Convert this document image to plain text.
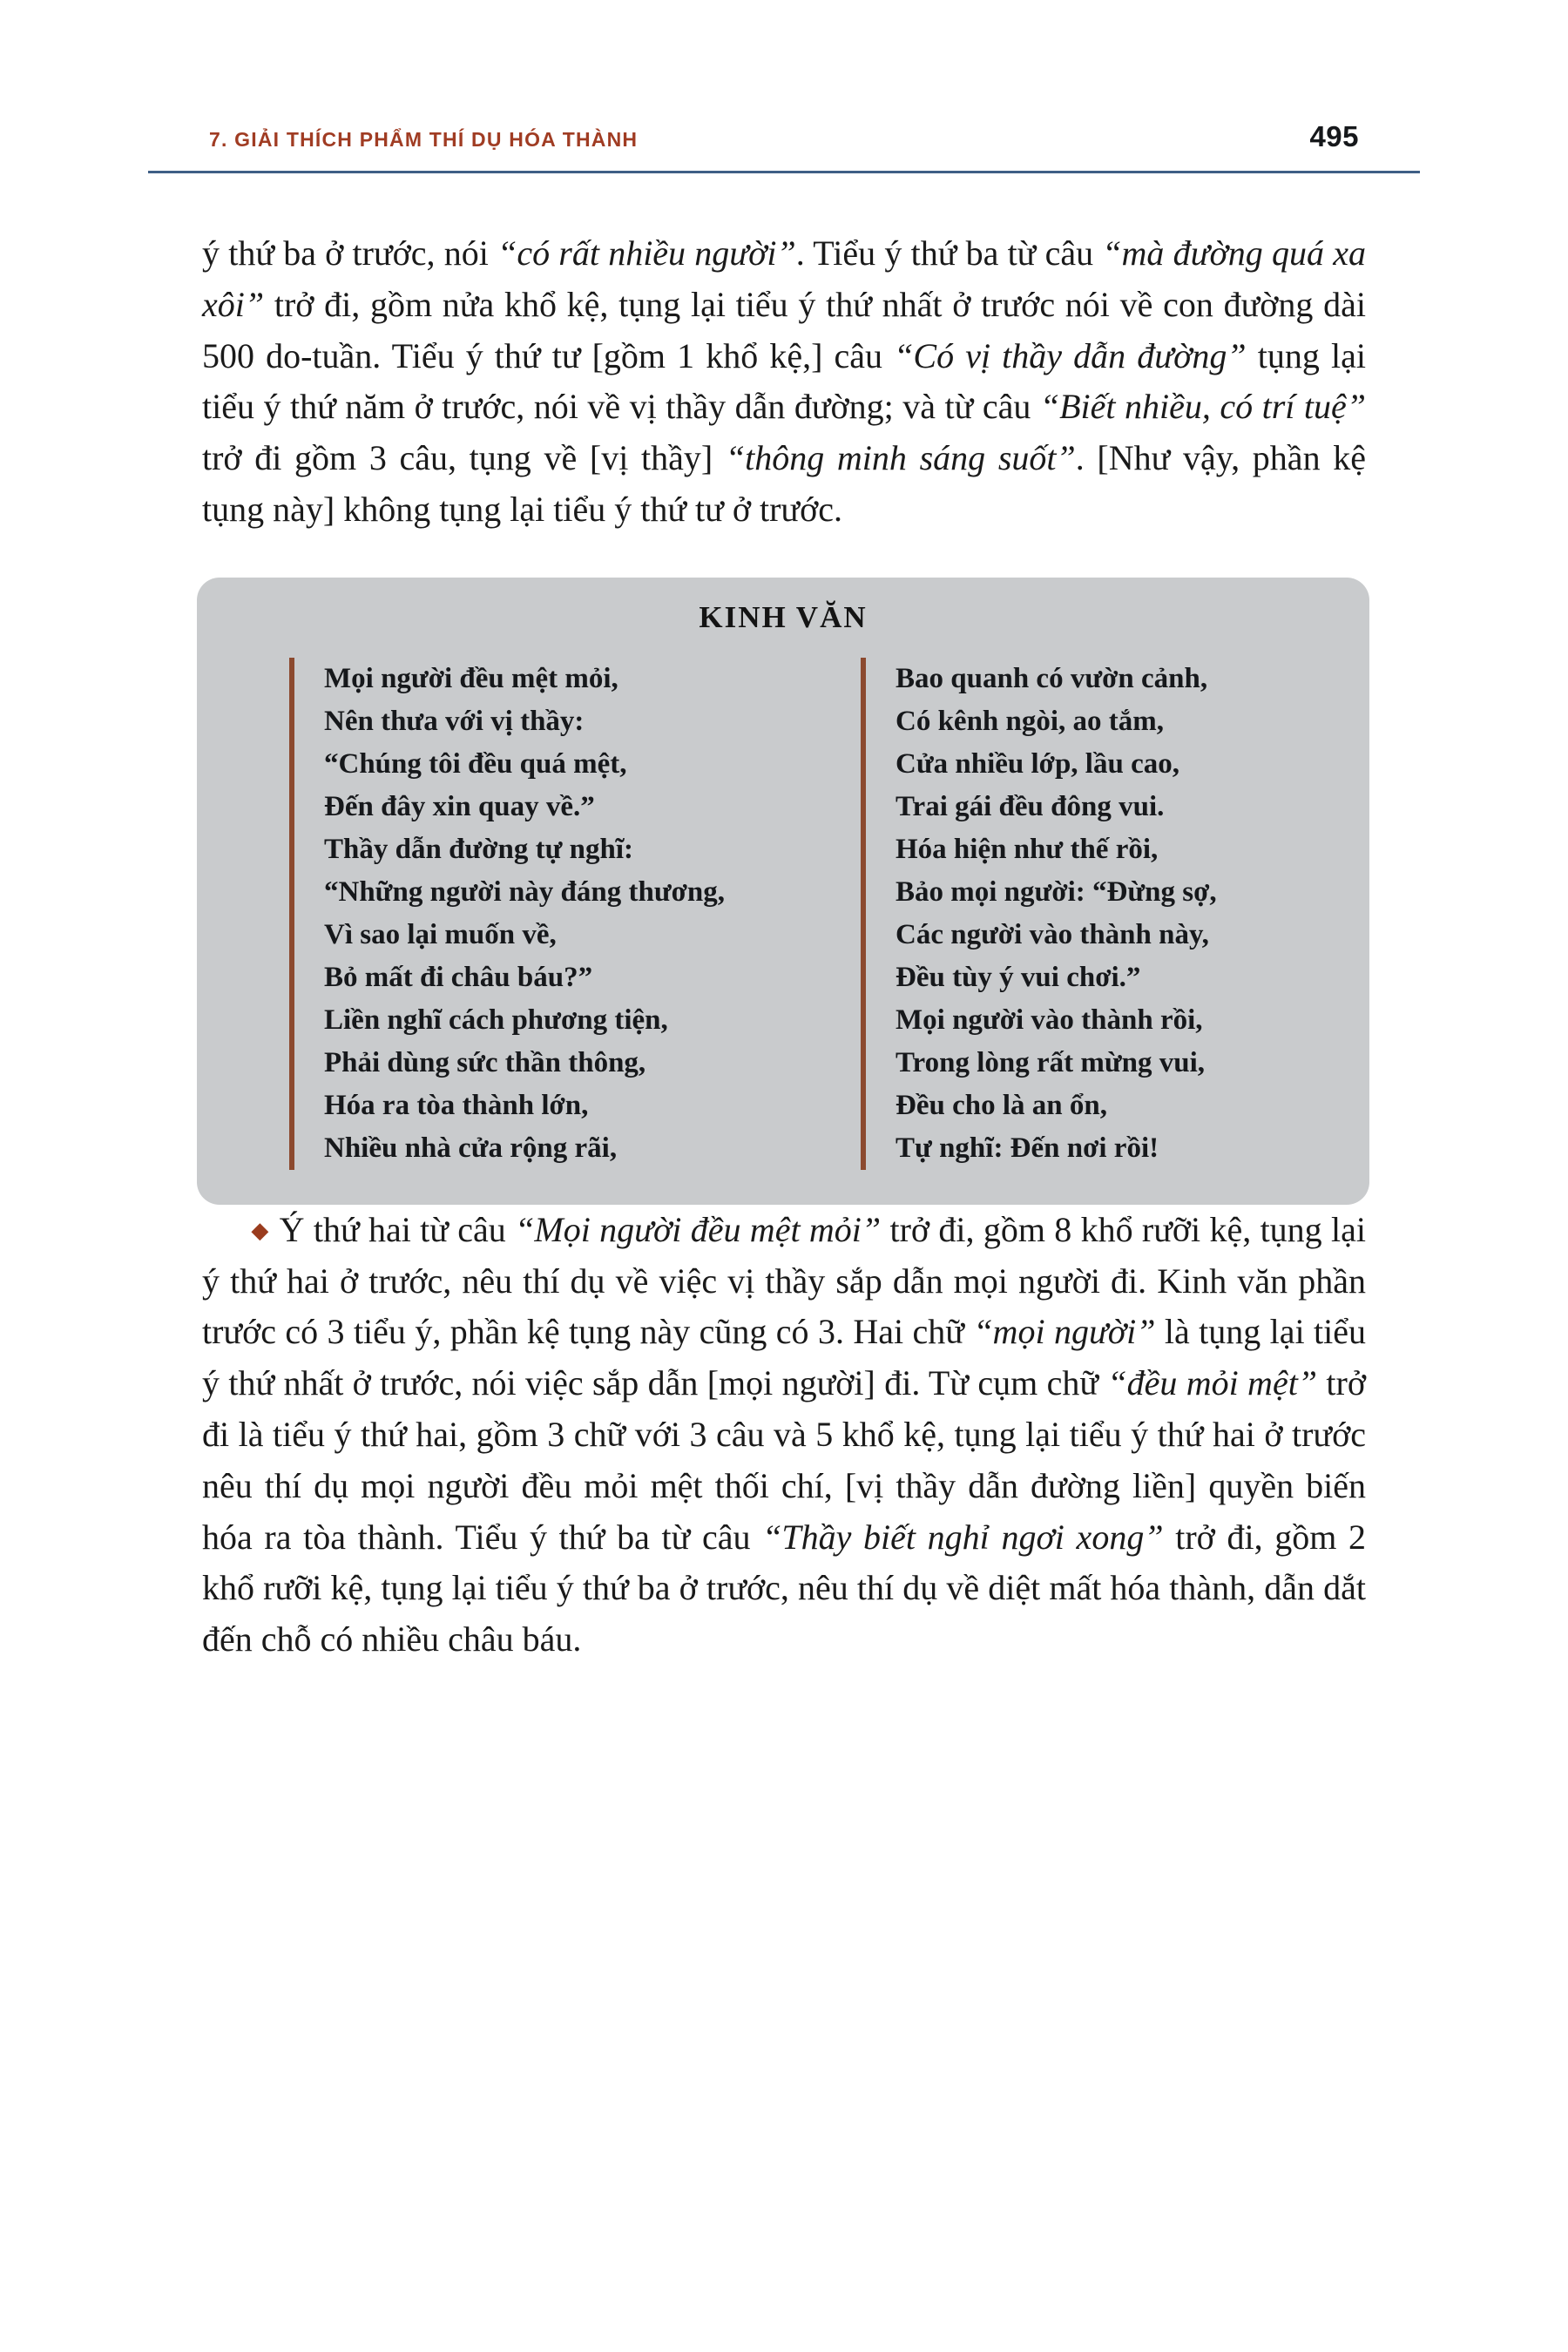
7. GIẢI THÍCH PHẨM THÍ DỤ HÓA THÀNH	495

ý thứ ba ở trước, nói “có rất nhiều người”. Tiểu ý thứ ba từ câu “mà đường quá xa xôi” trở đi, gồm nửa khổ kệ, tụng lại tiểu ý thứ nhất ở trước nói về con đường dài 500 do-tuần. Tiểu ý thứ tư [gồm 1 khổ kệ,] câu “Có vị thầy dẫn đường” tụng lại tiểu ý thứ năm ở trước, nói về vị thầy dẫn đường; và từ câu “Biết nhiều, có trí tuệ” trở đi gồm 3 câu, tụng về [vị thầy] “thông minh sáng suốt”. [Như vậy, phần kệ tụng này] không tụng lại tiểu ý thứ tư ở trước.

KINH VĂN
Mọi người đều mệt mỏi,
Nên thưa với vị thầy:
“Chúng tôi đều quá mệt,
Đến đây xin quay về.”
Thầy dẫn đường tự nghĩ:
“Những người này đáng thương,
Vì sao lại muốn về,
Bỏ mất đi châu báu?”
Liền nghĩ cách phương tiện,
Phải dùng sức thần thông,
Hóa ra tòa thành lớn,
Nhiều nhà cửa rộng rãi,
Bao quanh có vườn cảnh,
Có kênh ngòi, ao tắm,
Cửa nhiều lớp, lầu cao,
Trai gái đều đông vui.
Hóa hiện như thế rồi,
Bảo mọi người: “Đừng sợ,
Các người vào thành này,
Đều tùy ý vui chơi.”
Mọi người vào thành rồi,
Trong lòng rất mừng vui,
Đều cho là an ổn,
Tự nghĩ: Đến nơi rồi!

◆ Ý thứ hai từ câu “Mọi người đều mệt mỏi” trở đi, gồm 8 khổ rưỡi kệ, tụng lại ý thứ hai ở trước, nêu thí dụ về việc vị thầy sắp dẫn mọi người đi. Kinh văn phần trước có 3 tiểu ý, phần kệ tụng này cũng có 3. Hai chữ “mọi người” là tụng lại tiểu ý thứ nhất ở trước, nói việc sắp dẫn [mọi người] đi. Từ cụm chữ “đều mỏi mệt” trở đi là tiểu ý thứ hai, gồm 3 chữ với 3 câu và 5 khổ kệ, tụng lại tiểu ý thứ hai ở trước nêu thí dụ mọi người đều mỏi mệt thối chí, [vị thầy dẫn đường liền] quyền biến hóa ra tòa thành. Tiểu ý thứ ba từ câu “Thầy biết nghỉ ngơi xong” trở đi, gồm 2 khổ rưỡi kệ, tụng lại tiểu ý thứ ba ở trước, nêu thí dụ về diệt mất hóa thành, dẫn dắt đến chỗ có nhiều châu báu.
